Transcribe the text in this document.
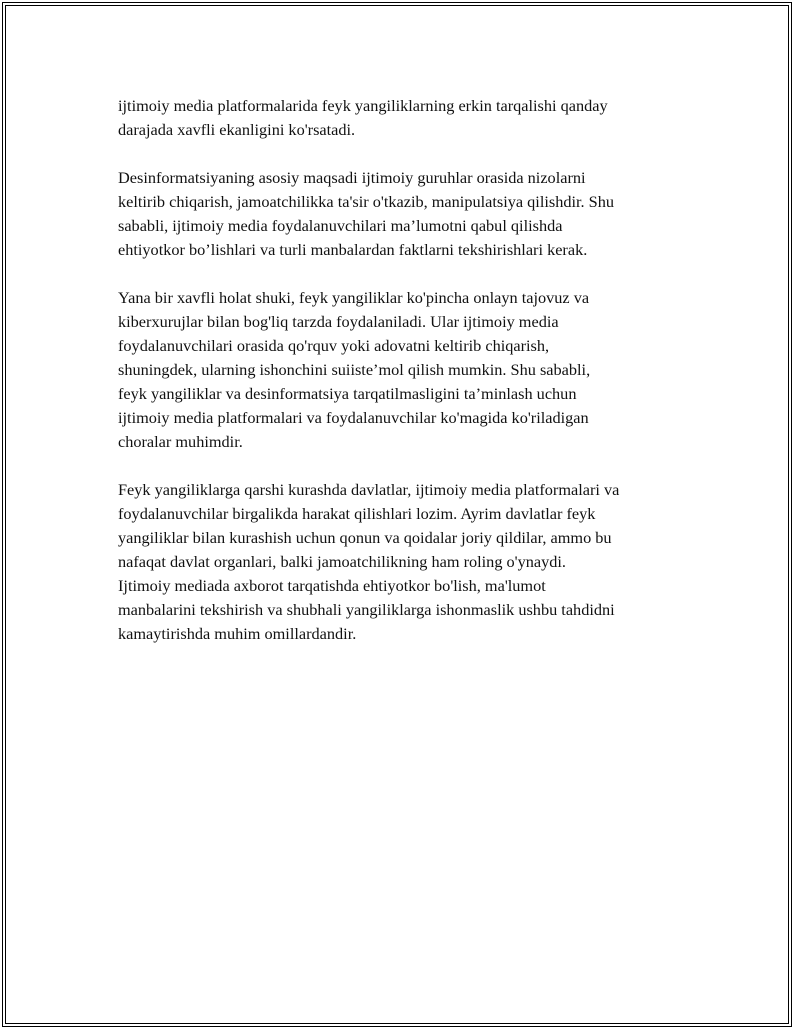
ijtimoiy media platformalarida feyk yangiliklarning erkin tarqalishi qanday
darajada xavfli ekanligini ko'rsatadi.

Desinformatsiyaning asosiy maqsadi ijtimoiy guruhlar orasida nizolarni
keltirib chiqarish, jamoatchilikka ta'sir o'tkazib, manipulatsiya qilishdir. Shu
sababli, ijtimoiy media foydalanuvchilari ma’lumotni qabul qilishda
ehtiyotkor bo’lishlari va turli manbalardan faktlarni tekshirishlari kerak.

Yana bir xavfli holat shuki, feyk yangiliklar ko'pincha onlayn tajovuz va
kiberxurujlar bilan bog'liq tarzda foydalaniladi. Ular ijtimoiy media
foydalanuvchilari orasida qo'rquv yoki adovatni keltirib chiqarish,
shuningdek, ularning ishonchini suiiste’mol qilish mumkin. Shu sababli,
feyk yangiliklar va desinformatsiya tarqatilmasligini ta’minlash uchun
ijtimoiy media platformalari va foydalanuvchilar ko'magida ko'riladigan
choralar muhimdir.

Feyk yangiliklarga qarshi kurashda davlatlar, ijtimoiy media platformalari va
foydalanuvchilar birgalikda harakat qilishlari lozim. Ayrim davlatlar feyk
yangiliklar bilan kurashish uchun qonun va qoidalar joriy qildilar, ammo bu
nafaqat davlat organlari, balki jamoatchilikning ham roling o'ynaydi.
Ijtimoiy mediada axborot tarqatishda ehtiyotkor bo'lish, ma'lumot
manbalarini tekshirish va shubhali yangiliklarga ishonmaslik ushbu tahdidni
kamaytirishda muhim omillardandir.
